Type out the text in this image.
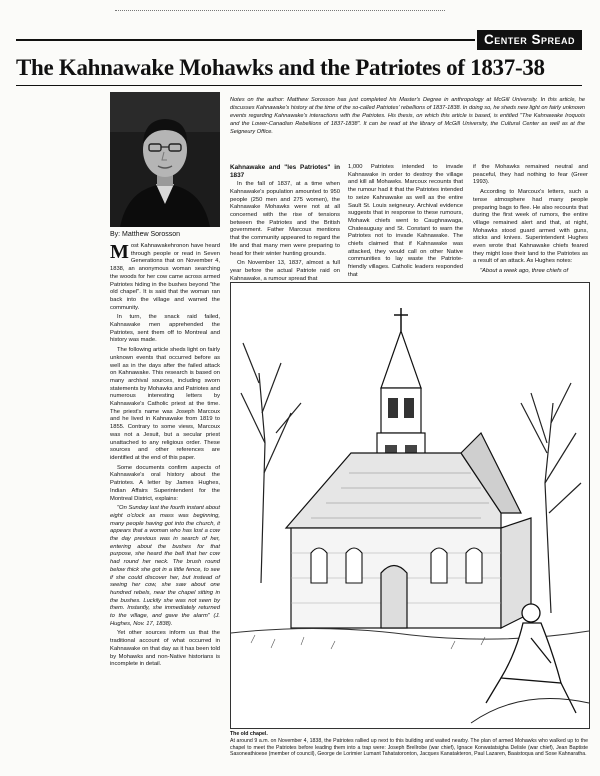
Center Spread
The Kahnawake Mohawks and the Patriotes of 1837-38
By: Matthew Sorosson
Notes on the author: Matthew Sorosson has just completed his Master's Degree in anthropology at McGill University. In this article, he discusses Kahnawake's history at the time of the so-called Patriotes' rebellions of 1837-1838. In doing so, he sheds new light on fairly unknown events regarding Kahnawake's interactions with the Patriotes. His thesis, on which this article is based, is entitled "The Kahnawake Iroquois and the Lower-Canadian Rebellions of 1837-1838". It can be read at the library of McGill University, the Cultural Center as well as at the Seigneury Office.

Most Kahnawakehronon have heard through people or read in Seven Generations that on November 4, 1838, an anonymous woman searching the woods for her cow came across armed Patriotes hiding in the bushes beyond "the old chapel". It is said that the woman ran back into the village and warned the community.

In turn, the snack raid failed, Kahnawake men apprehended the Patriotes, sent them off to Montreal and history was made.

The following article sheds light on fairly unknown events that occurred before as well as in the days after the failed attack on Kahnawake. This research is based on many archival sources, including sworn statements by Mohawks and Patriotes and numerous interesting letters by Kahnawake's Catholic priest at the time. The priest's name was Joseph Marcoux and he lived in Kahnawake from 1819 to 1855. Contrary to some views, Marcoux was not a Jesuit, but a secular priest unattached to any religious order. These sources and other references are identified at the end of this paper.

Some documents confirm aspects of Kahnawake's oral history about the Patriotes. A letter by James Hughes, Indian Affairs Superintendent for the Montreal District, explains:

"On Sunday last the fourth instant about eight o'clock as mass was beginning, many people having got into the church, it appears that a woman who has lost a cow the day previous was in search of her, entering about the bushes for that purpose, she heard the bell that her cow had round her neck. The brush round below thick she got in a little fence, to see if she could discover her, but instead of seeing her cow, she saw about one hundred rebels, near the chapel sitting in the bushes. Luckily she was not seen by them. Instantly, she immediately returned to the village, and gave the alarm" (J. Hughes, Nov. 17, 1838).

Yet other sources inform us that the traditional account of what occurred in Kahnawake on that day as it has been told by Mohawks and non-Native historians is incomplete in detail.

Kahnawake and "les Patriotes" in 1837

In the fall of 1837, at a time when Kahnawake's population amounted to 950 people (250 men and 275 women), the Kahnawake Mohawks were not at all concerned with the rise of tensions between the Patriotes and the British government. Father Marcoux mentions that the community appeared to regard the life and that many men were preparing to head for their winter hunting grounds.

On November 13, 1837, almost a full year before the actual Patriote raid on Kahnawake, a rumour spread that

1,000 Patriotes intended to invade Kahnawake in order to destroy the village and kill all Mohawks. Marcoux recounts that the rumour had it that the Patriotes intended to seize Kahnawake as well as the entire Sault St. Louis seigneury. Archival evidence suggests that in response to these rumours, Mohawk chiefs went to Caughnawaga, Chateauguay and St. Constant to warn the Patriotes not to invade Kahnawake. The chiefs claimed that if Kahnawake was attacked, they would call on other Native communities to lay waste the Patriote-friendly villages. Catholic leaders responded that

if the Mohawks remained neutral and peaceful, they had nothing to fear (Greer 1993).

According to Marcoux's letters, such a tense atmosphere had many people preparing bags to flee. He also recounts that during the first week of rumors, the entire village remained alert and that, at night, Mohawks stood guard armed with guns, sticks and knives. Superintendent Hughes even wrote that Kahnawake chiefs feared they might lose their land to the Patriotes as a result of an attack. As Hughes notes:

"About a week ago, three chiefs of

The old chapel.
At around 9 a.m. on November 4, 1838, the Patriotes rallied up next to this building and waited nearby. The plan of armed Mohawks who walked up to the chapel to meet the Patriotes before leading them into a trap were: Joseph Brellrobe (war chief), Ignace Konwatatsigha Delisle (war chief), Jean Baptiste Sasoneathioese (member of council), George de Lorimier Lumant Tahatatoronton, Jacques Kanatakteron, Paul Lazaren, Baaistoqua and Sose Kahnaratha.
